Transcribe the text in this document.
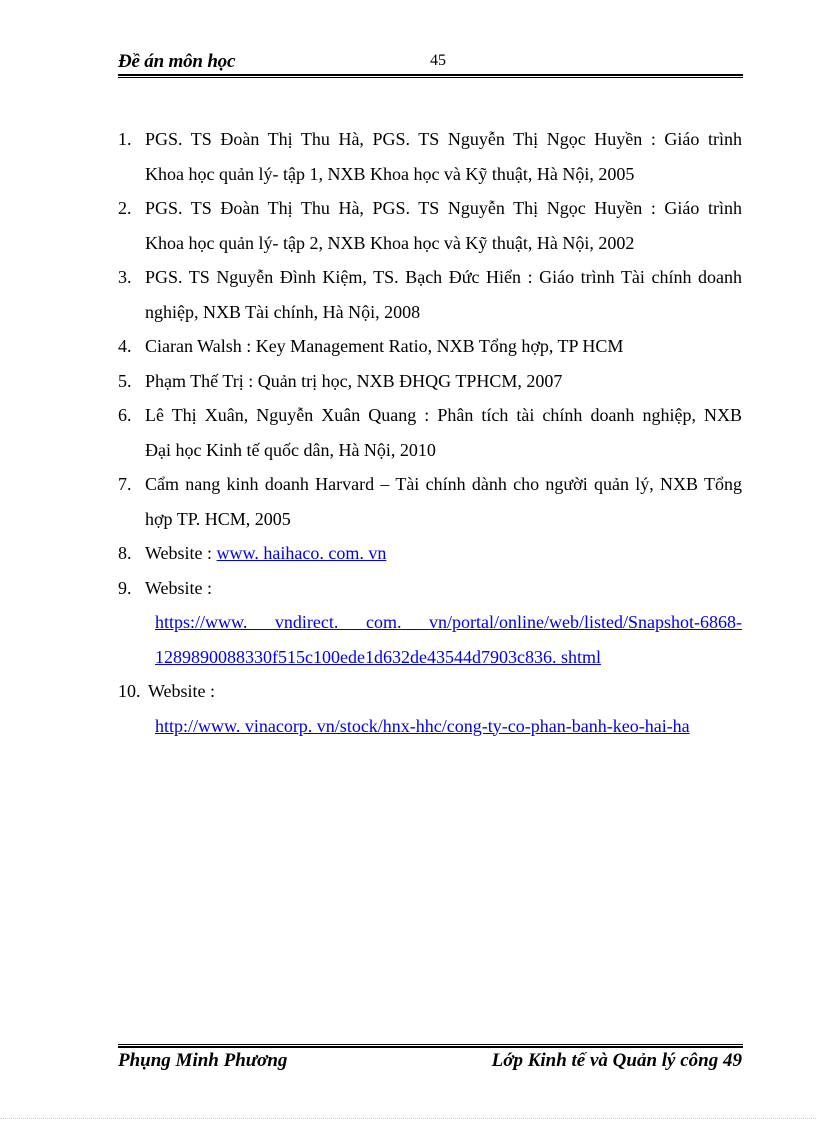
Đề án môn học	45
1. PGS. TS Đoàn Thị Thu Hà, PGS. TS Nguyễn Thị Ngọc Huyền : Giáo trình
Khoa học quản lý- tập 1, NXB Khoa học và Kỹ thuật, Hà Nội, 2005
2. PGS. TS Đoàn Thị Thu Hà, PGS. TS Nguyễn Thị Ngọc Huyền : Giáo trình
Khoa học quản lý- tập 2, NXB Khoa học và Kỹ thuật, Hà Nội, 2002
3. PGS. TS Nguyễn Đình Kiệm, TS. Bạch Đức Hiển : Giáo trình Tài chính doanh
nghiệp, NXB Tài chính, Hà Nội, 2008
4. Ciaran Walsh : Key Management Ratio, NXB Tổng hợp, TP HCM
5. Phạm Thế Trị : Quản trị học, NXB ĐHQG TPHCM, 2007
6. Lê Thị Xuân, Nguyễn Xuân Quang : Phân tích tài chính doanh nghiệp, NXB
Đại học Kinh tế quốc dân, Hà Nội, 2010
7. Cẩm nang kinh doanh Harvard – Tài chính dành cho người quản lý, NXB Tổng
hợp TP. HCM, 2005
8. Website : www. haihaco. com. vn
9. Website :
https://www. vndirect. com. vn/portal/online/web/listed/Snapshot-6868-
1289890088330f515c100ede1d632de43544d7903c836. shtml
10. Website :
http://www. vinacorp. vn/stock/hnx-hhc/cong-ty-co-phan-banh-keo-hai-ha
Phụng Minh Phương	Lớp Kinh tế và Quản lý công 49
